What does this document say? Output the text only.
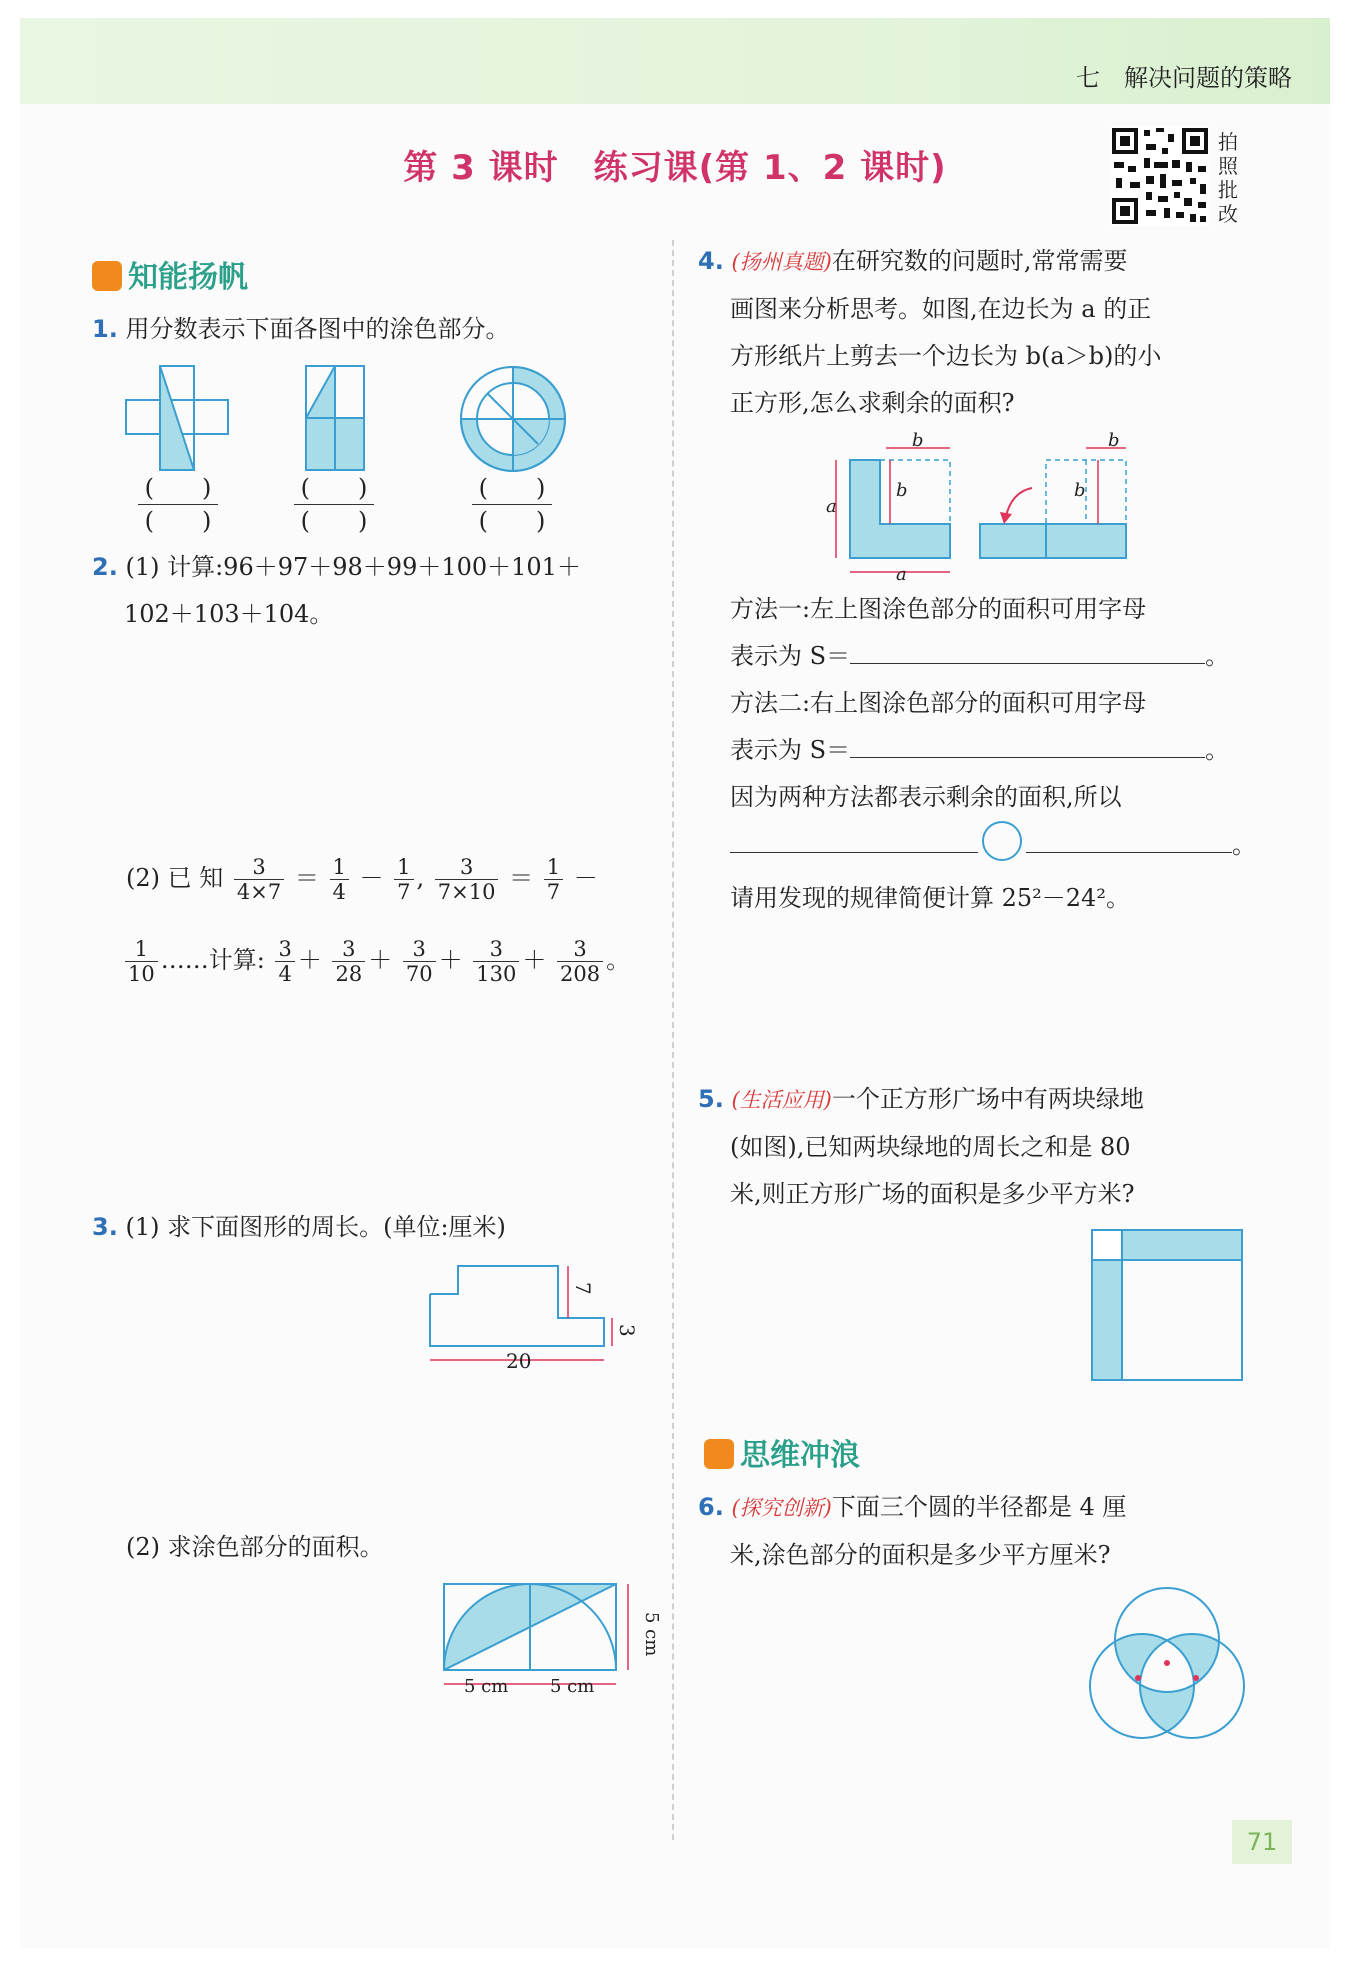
七　解决问题的策略
第 3 课时　练习课(第 1、2 课时)
拍照批改
知能扬帆
1. 用分数表示下面各图中的涂色部分。
(　　)
(　　)
(　　)
(　　)
(　　)
(　　)
2. (1) 计算:96＋97＋98＋99＋100＋101＋
102＋103＋104。
(2) 已 知 $\frac{3}{4\times 7} = \frac{1}{4} - \frac{1}{7}$ , $\frac{3}{7\times 10} = \frac{1}{7}$ －
$\frac{1}{10}$ ……计算: $\frac{3}{4} + \frac{3}{28} + \frac{3}{70} + \frac{3}{130} + \frac{3}{208}$ 。
3. (1) 求下面图形的周长。(单位:厘米)
7
3
20
(2) 求涂色部分的面积。
5 cm 5 cm
5 cm
4. (扬州真题)在研究数的问题时,常常需要
画图来分析思考。如图,在边长为 a 的正
方形纸片上剪去一个边长为 b(a＞b)的小
正方形,怎么求剩余的面积?
a
a
b
b
b
b
方法一:左上图涂色部分的面积可用字母
表示为 S＝	。
方法二:右上图涂色部分的面积可用字母
表示为 S＝	。
因为两种方法都表示剩余的面积,所以
。
请用发现的规律简便计算 25²－24²。
5. (生活应用)一个正方形广场中有两块绿地
(如图),已知两块绿地的周长之和是 80
米,则正方形广场的面积是多少平方米?
思维冲浪
6. (探究创新)下面三个圆的半径都是 4 厘
米,涂色部分的面积是多少平方厘米?
71
